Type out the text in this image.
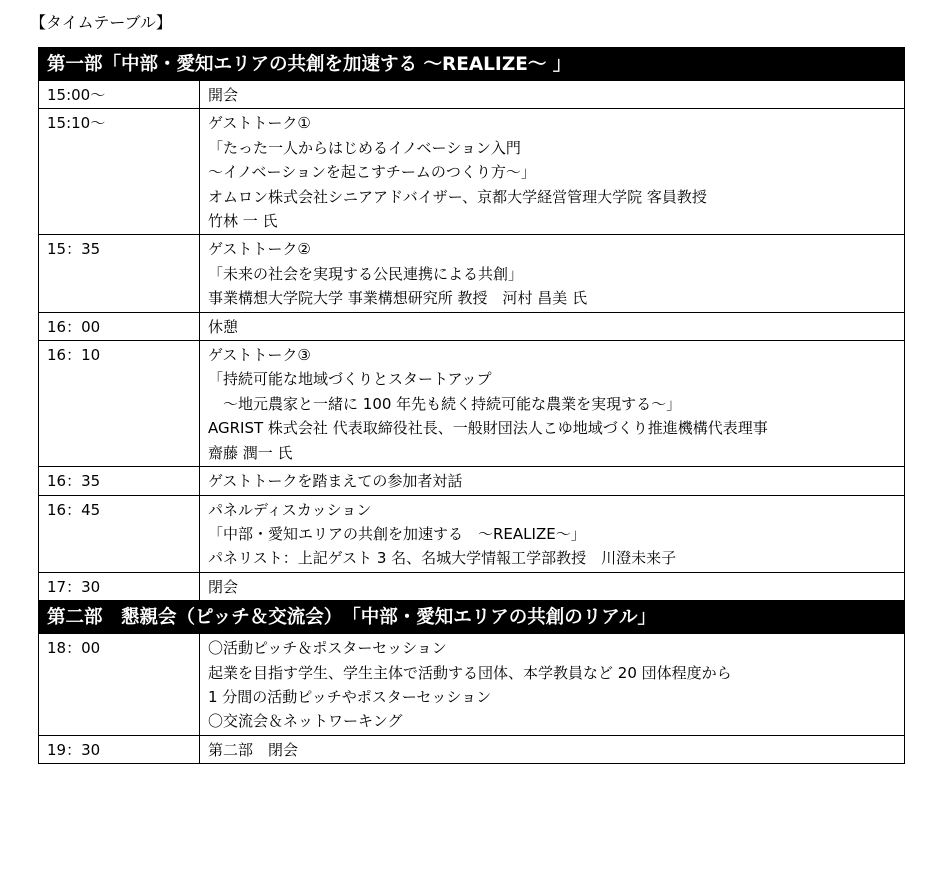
【タイムテーブル】
第一部「中部・愛知エリアの共創を加速する ～REALIZE～ 」	
15:00～	開会

15:10～	ゲストトーク①
「たった一人からはじめるイノベーション入門
～イノベーションを起こすチームのつくり方～」
オムロン株式会社シニアアドバイザー、京都大学経営管理大学院 客員教授
竹林 一 氏

15：35	ゲストトーク②
「未来の社会を実現する公民連携による共創」
事業構想大学院大学 事業構想研究所 教授　河村 昌美 氏

16：00	休憩

16：10	ゲストトーク③
「持続可能な地域づくりとスタートアップ
　～地元農家と一緒に 100 年先も続く持続可能な農業を実現する～」
AGRIST 株式会社 代表取締役社長、一般財団法人こゆ地域づくり推進機構代表理事
齋藤 潤一 氏

16：35	ゲストトークを踏まえての参加者対話

16：45	パネルディスカッション
「中部・愛知エリアの共創を加速する　～REALIZE～」
パネリスト：上記ゲスト 3 名、名城大学情報工学部教授　川澄未来子

17：30	閉会

第二部　懇親会（ピッチ＆交流会）　「中部・愛知エリアの共創のリアル」	
18：00	〇活動ピッチ＆ポスターセッション
起業を目指す学生、学生主体で活動する団体、本学教員など 20 団体程度から
1 分間の活動ピッチやポスターセッション
〇交流会＆ネットワーキング

19：30	第二部　閉会
